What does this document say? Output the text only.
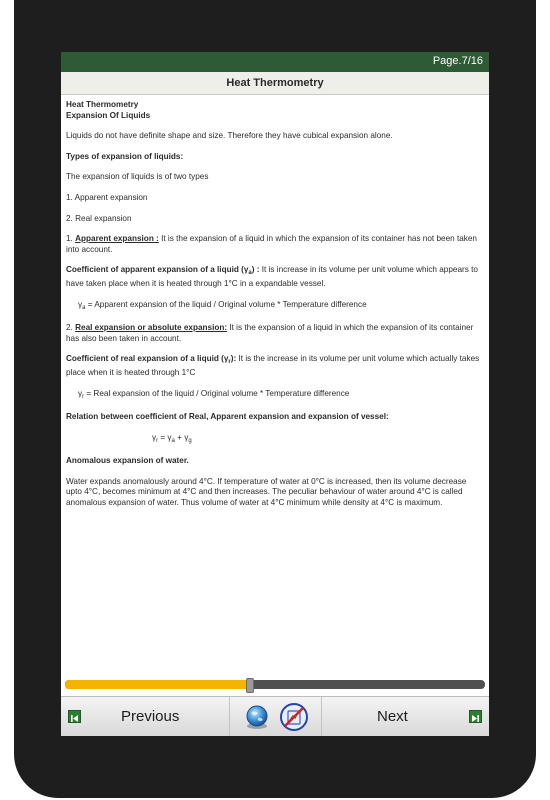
Page.7/16
Heat Thermometry

Heat Thermometry

Expansion Of Liquids

Liquids do not have definite shape and size. Therefore they have cubical expansion alone.

Types of expansion of liquids:

The expansion of liquids is of two types

1. Apparent expansion

2. Real expansion

1. Apparent expansion : It is the expansion of a liquid in which the expansion of its container has not been taken into account.

Coefficient of apparent expansion of a liquid $(\gamma_a)$ : It is increase in its volume per unit volume which appears to have taken place when it is heated through 1°C in a expandable vessel.

$\gamma_a$ = Apparent expansion of the liquid / Original volume * Temperature difference

2. Real expansion or absolute expansion: It is the expansion of a liquid in which the expansion of its container has also been taken in account.

Coefficient of real expansion of a liquid $(\gamma_r)$: It is the increase in its volume per unit volume which actually takes place when it is heated through 1°C

$\gamma_r$ = Real expansion of the liquid / Original volume * Temperature difference

Relation between coefficient of Real, Apparent expansion and expansion of vessel:

$\gamma_r = \gamma_a + \gamma_g$

Anomalous expansion of water.

Water expands anomalously around 4°C. If temperature of water at 0°C is increased, then its volume decrease upto 4°C, becomes minimum at 4°C and then increases. The peculiar behaviour of water around 4°C is called anomalous expansion of water. Thus volume of water at 4°C minimum while density at 4°C is maximum.

Previous	Next
